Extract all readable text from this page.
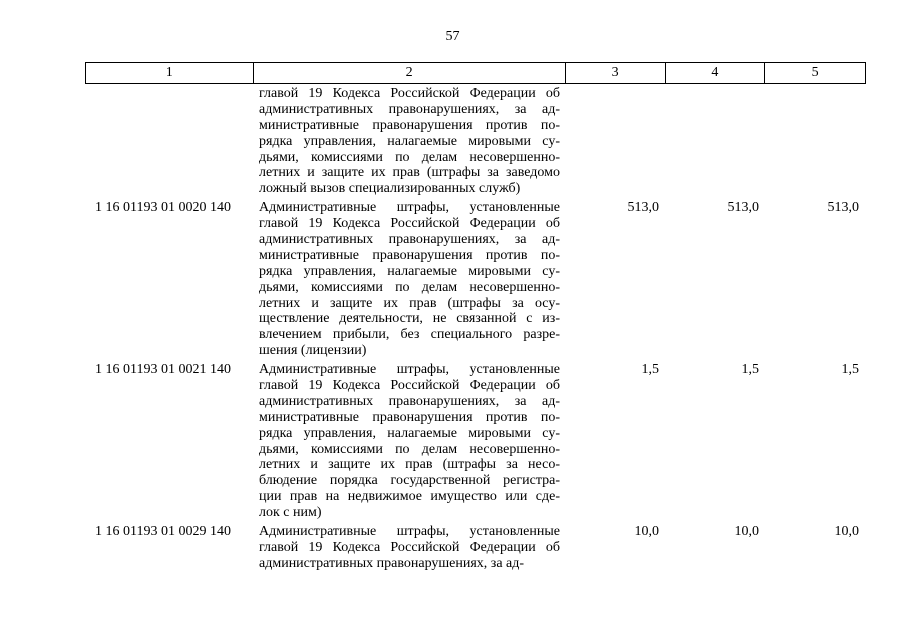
57
1	2	3	4	5
главой 19 Кодекса Российской Федерации об
административных правонарушениях, за ад-
министративные правонарушения против по-
рядка управления, налагаемые мировыми су-
дьями, комиссиями по делам несовершенно-
летних и защите их прав (штрафы за заведомо
ложный вызов специализированных служб)
1 16 01193 01 0020 140	Административные штрафы, установленные
главой 19 Кодекса Российской Федерации об
административных правонарушениях, за ад-
министративные правонарушения против по-
рядка управления, налагаемые мировыми су-
дьями, комиссиями по делам несовершенно-
летних и защите их прав (штрафы за осу-
ществление деятельности, не связанной с из-
влечением прибыли, без специального разре-
шения (лицензии)
513,0	513,0	513,0
1 16 01193 01 0021 140	Административные штрафы, установленные
главой 19 Кодекса Российской Федерации об
административных правонарушениях, за ад-
министративные правонарушения против по-
рядка управления, налагаемые мировыми су-
дьями, комиссиями по делам несовершенно-
летних и защите их прав (штрафы за несо-
блюдение порядка государственной регистра-
ции прав на недвижимое имущество или сде-
лок с ним)
1,5	1,5	1,5
1 16 01193 01 0029 140	Административные штрафы, установленные
главой 19 Кодекса Российской Федерации об
административных правонарушениях, за ад-
10,0	10,0	10,0
